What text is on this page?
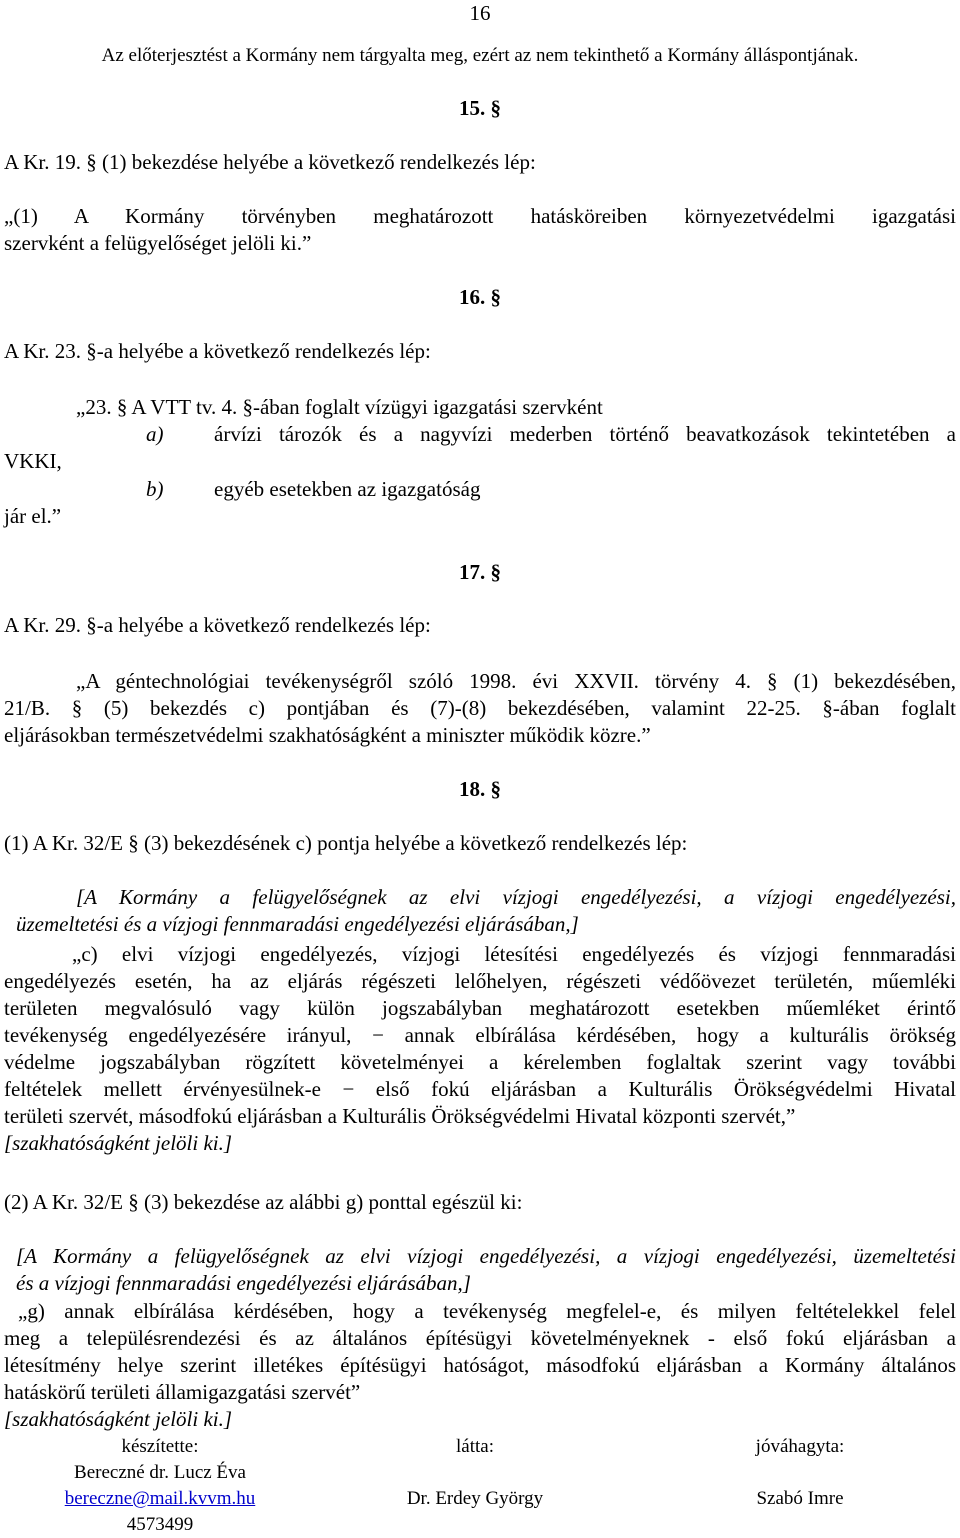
16
Az előterjesztést a Kormány nem tárgyalta meg, ezért az nem tekinthető a Kormány álláspontjának.
15. §
A Kr. 19. § (1) bekezdése helyébe a következő rendelkezés lép:
„(1) A Kormány törvényben meghatározott hatásköreiben környezetvédelmi igazgatási
szervként a felügyelőséget jelöli ki.”
16. §
A Kr. 23. §-a helyébe a következő rendelkezés lép:
„23. § A VTT tv. 4. §-ában foglalt vízügyi igazgatási szervként
a) árvízi tározók és a nagyvízi mederben történő beavatkozások tekintetében a
VKKI,
b) egyéb esetekben az igazgatóság
jár el.”
17. §
A Kr. 29. §-a helyébe a következő rendelkezés lép:
„A géntechnológiai tevékenységről szóló 1998. évi XXVII. törvény 4. § (1) bekezdésében,
21/B. § (5) bekezdés c) pontjában és (7)-(8) bekezdésében, valamint 22-25. §-ában foglalt
eljárásokban természetvédelmi szakhatóságként a miniszter működik közre.”
18. §
(1) A Kr. 32/E § (3) bekezdésének c) pontja helyébe a következő rendelkezés lép:
[A Kormány a felügyelőségnek az elvi vízjogi engedélyezési, a vízjogi engedélyezési,
üzemeltetési és a vízjogi fennmaradási engedélyezési eljárásában,]
„c) elvi vízjogi engedélyezés, vízjogi létesítési engedélyezés és vízjogi fennmaradási
engedélyezés esetén, ha az eljárás régészeti lelőhelyen, régészeti védőövezet területén, műemléki
területen megvalósuló vagy külön jogszabályban meghatározott esetekben műemléket érintő
tevékenység engedélyezésére irányul, − annak elbírálása kérdésében, hogy a kulturális örökség
védelme jogszabályban rögzített követelményei a kérelemben foglaltak szerint vagy további
feltételek mellett érvényesülnek-e − első fokú eljárásban a Kulturális Örökségvédelmi Hivatal
területi szervét, másodfokú eljárásban a Kulturális Örökségvédelmi Hivatal központi szervét,”
[szakhatóságként jelöli ki.]
(2) A Kr. 32/E § (3) bekezdése az alábbi g) ponttal egészül ki:
[A Kormány a felügyelőségnek az elvi vízjogi engedélyezési, a vízjogi engedélyezési, üzemeltetési
és a vízjogi fennmaradási engedélyezési eljárásában,]
„g) annak elbírálása kérdésében, hogy a tevékenység megfelel-e, és milyen feltételekkel felel
meg a településrendezési és az általános építésügyi követelményeknek - első fokú eljárásban a
létesítmény helye szerint illetékes építésügyi hatóságot, másodfokú eljárásban a Kormány általános
hatáskörű területi államigazgatási szervét”
[szakhatóságként jelöli ki.]
készítette:
Bereczné dr. Lucz Éva
bereczne@mail.kvvm.hu
4573499
látta:

Dr. Erdey György
jóváhagyta:

Szabó Imre
